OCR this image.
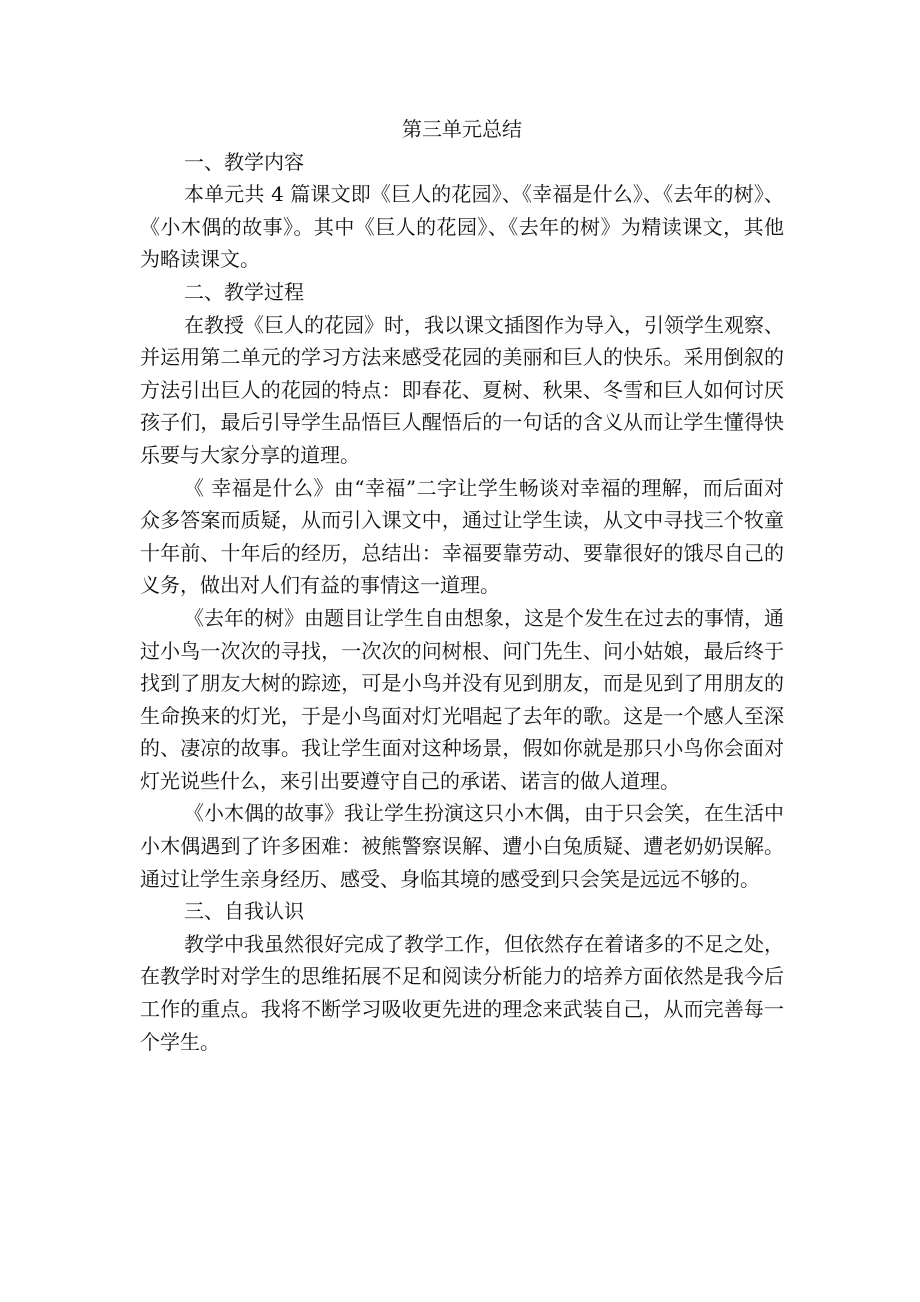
第三单元总结

一、教学内容

本单元共 4 篇课文即《巨人的花园》、《幸福是什么》、《去年的树》、《小木偶的故事》。其中《巨人的花园》、《去年的树》为精读课文，其他为略读课文。

二、教学过程

在教授《巨人的花园》时，我以课文插图作为导入，引领学生观察、并运用第二单元的学习方法来感受花园的美丽和巨人的快乐。采用倒叙的方法引出巨人的花园的特点：即春花、夏树、秋果、冬雪和巨人如何讨厌孩子们，最后引导学生品悟巨人醒悟后的一句话的含义从而让学生懂得快乐要与大家分享的道理。

《 幸福是什么》由“幸福”二字让学生畅谈对幸福的理解，而后面对众多答案而质疑，从而引入课文中，通过让学生读，从文中寻找三个牧童十年前、十年后的经历，总结出：幸福要靠劳动、要靠很好的饿尽自己的义务，做出对人们有益的事情这一道理。

《去年的树》由题目让学生自由想象，这是个发生在过去的事情，通过小鸟一次次的寻找，一次次的问树根、问门先生、问小姑娘，最后终于找到了朋友大树的踪迹，可是小鸟并没有见到朋友，而是见到了用朋友的生命换来的灯光，于是小鸟面对灯光唱起了去年的歌。这是一个感人至深的、凄凉的故事。我让学生面对这种场景，假如你就是那只小鸟你会面对灯光说些什么，来引出要遵守自己的承诺、诺言的做人道理。

《小木偶的故事》我让学生扮演这只小木偶，由于只会笑，在生活中小木偶遇到了许多困难：被熊警察误解、遭小白兔质疑、遭老奶奶误解。通过让学生亲身经历、感受、身临其境的感受到只会笑是远远不够的。

三、自我认识

教学中我虽然很好完成了教学工作，但依然存在着诸多的不足之处，在教学时对学生的思维拓展不足和阅读分析能力的培养方面依然是我今后工作的重点。我将不断学习吸收更先进的理念来武装自己，从而完善每一个学生。
